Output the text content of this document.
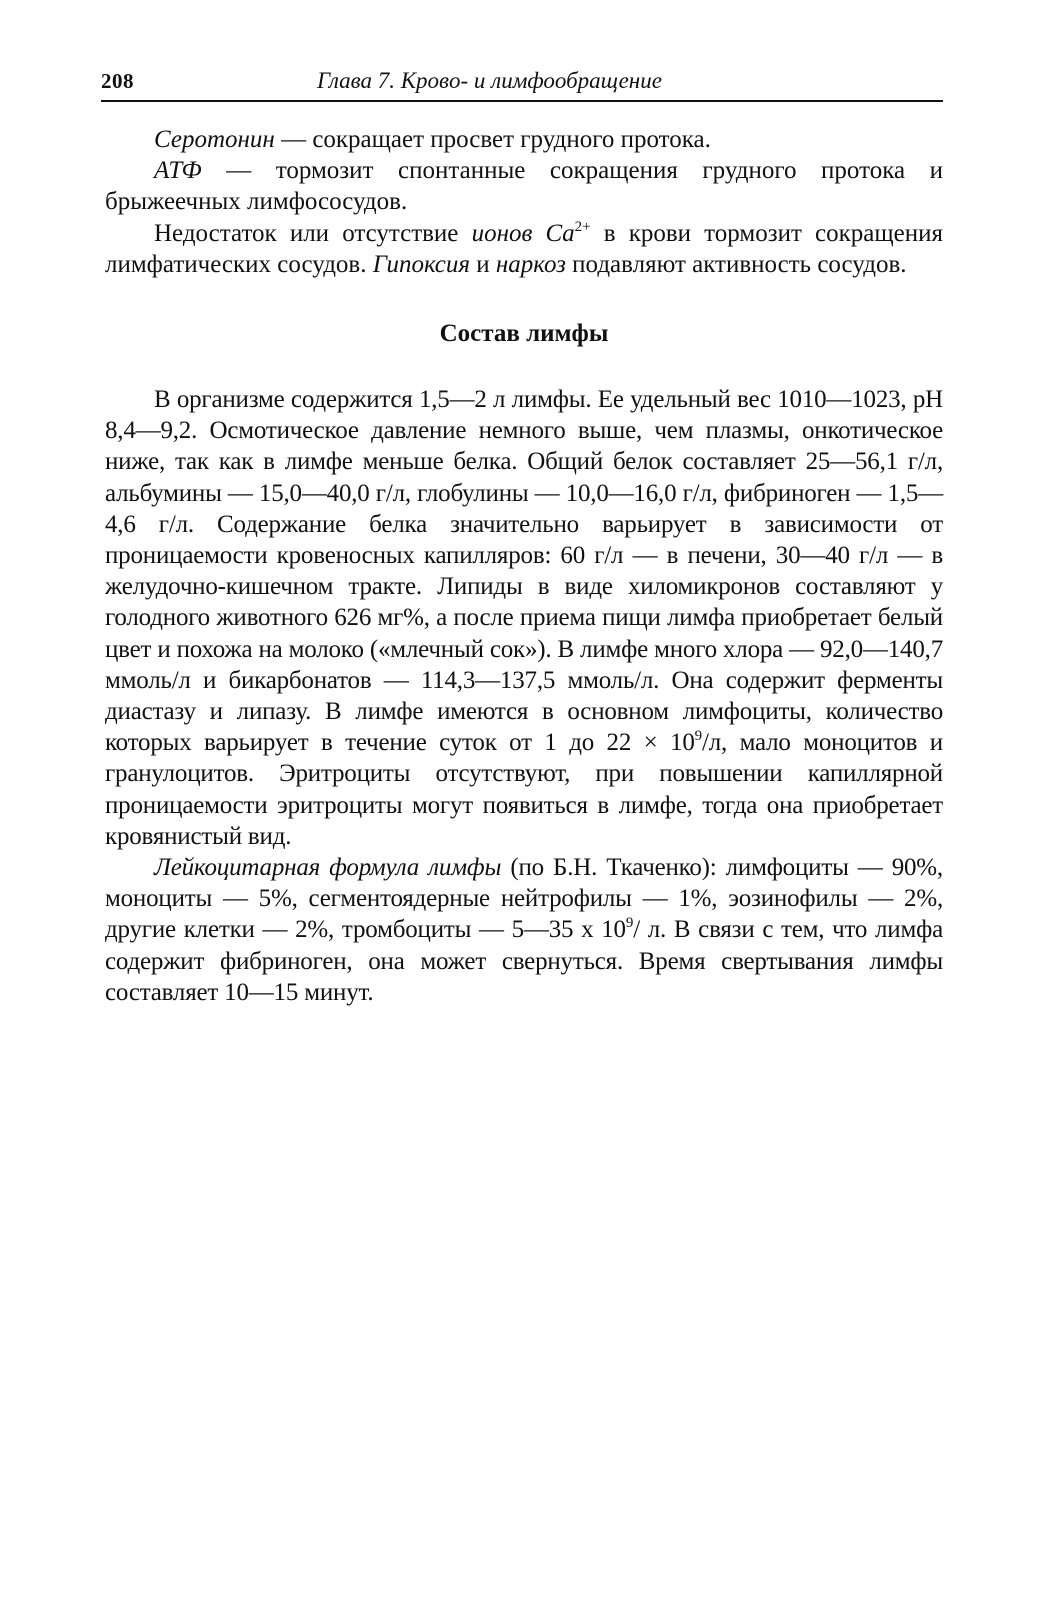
208	Глава 7. Кровo- и лимфообращение

Серотонин — сокращает просвет грудного протока.

АТФ — тормозит спонтанные сокращения грудного протока и брыжеечных лимфососудов.

Недостаток или отсутствие ионов $Ca^{2+}$ в крови тормозит сокращения лимфатических сосудов. Гипоксия и наркоз подавляют активность сосудов.

Состав лимфы

В организме содержится 1,5—2 л лимфы. Ее удельный вес 1010—1023, рН 8,4—9,2. Осмотическое давление немного выше, чем плазмы, онкотическое ниже, так как в лимфе меньше белка. Общий белок составляет 25—56,1 г/л, альбумины — 15,0—40,0 г/л, глобулины — 10,0—16,0 г/л, фибриноген — 1,5—4,6 г/л. Содержание белка значительно варьирует в зависимости от проницаемости кровеносных капилляров: 60 г/л — в печени, 30—40 г/л — в желудочно-кишечном тракте. Липиды в виде хиломикронов составляют у голодного животного 626 мг%, а после приема пищи лимфа приобретает белый цвет и похожа на молоко («млечный сок»). В лимфе много хлора — 92,0—140,7 ммоль/л и бикарбонатов — 114,3—137,5 ммоль/л. Она содержит ферменты диастазу и липазу. В лимфе имеются в основном лимфоциты, количество которых варьирует в течение суток от 1 до $22 \times 10^9/л$, мало моноцитов и гранулоцитов. Эритроциты отсутствуют, при повышении капиллярной проницаемости эритроциты могут появиться в лимфе, тогда она приобретает кровянистый вид.

Лейкоцитарная формула лимфы (по Б.Н. Ткаченко): лимфоциты — 90%, моноциты — 5%, сегментоядерные нейтрофилы — 1%, эозинофилы — 2%, другие клетки — 2%, тромбоциты — 5—35 х $10^9/$ л. В связи с тем, что лимфа содержит фибриноген, она может свернуться. Время свертывания лимфы составляет 10—15 минут.
